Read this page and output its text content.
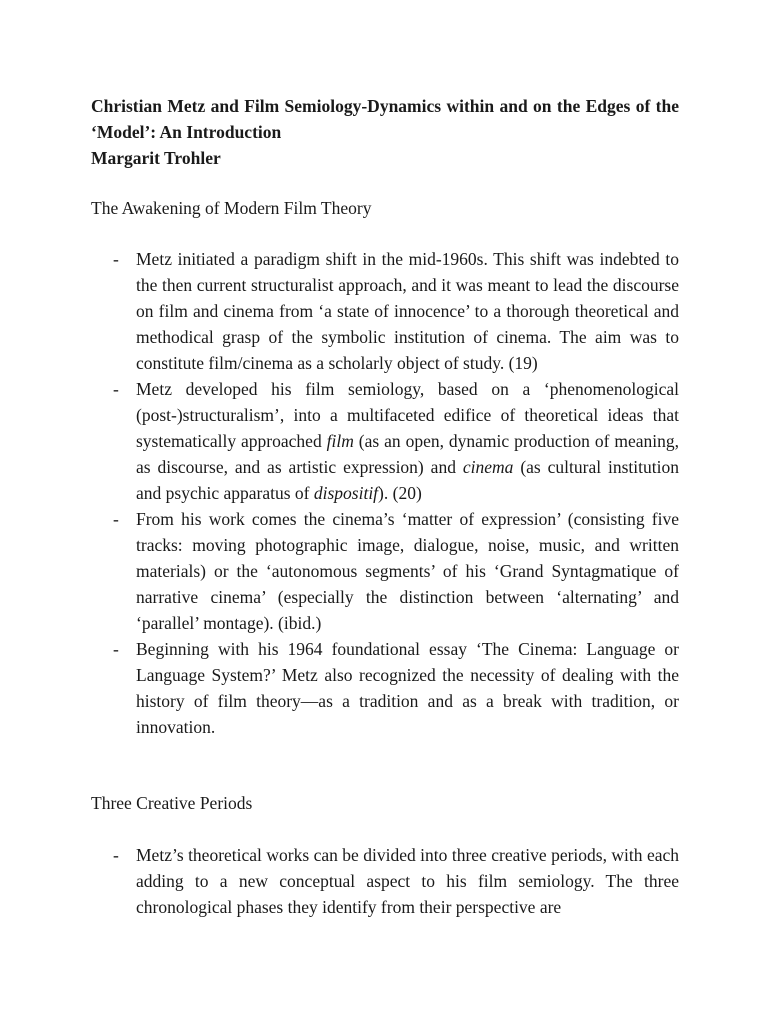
Christian Metz and Film Semiology-Dynamics within and on the Edges of the ‘Model’: An Introduction
Margarit Trohler
The Awakening of Modern Film Theory
- Metz initiated a paradigm shift in the mid-1960s. This shift was indebted to the then current structuralist approach, and it was meant to lead the discourse on film and cinema from ‘a state of innocence’ to a thorough theoretical and methodical grasp of the symbolic institution of cinema. The aim was to constitute film/cinema as a scholarly object of study. (19)
- Metz developed his film semiology, based on a ‘phenomenological (post-)structuralism’, into a multifaceted edifice of theoretical ideas that systematically approached film (as an open, dynamic production of meaning, as discourse, and as artistic expression) and cinema (as cultural institution and psychic apparatus of dispositif). (20)
- From his work comes the cinema’s ‘matter of expression’ (consisting five tracks: moving photographic image, dialogue, noise, music, and written materials) or the ‘autonomous segments’ of his ‘Grand Syntagmatique of narrative cinema’ (especially the distinction between ‘alternating’ and ‘parallel’ montage). (ibid.)
- Beginning with his 1964 foundational essay ‘The Cinema: Language or Language System?’ Metz also recognized the necessity of dealing with the history of film theory—as a tradition and as a break with tradition, or innovation.
Three Creative Periods
- Metz’s theoretical works can be divided into three creative periods, with each adding to a new conceptual aspect to his film semiology. The three chronological phases they identify from their perspective are
